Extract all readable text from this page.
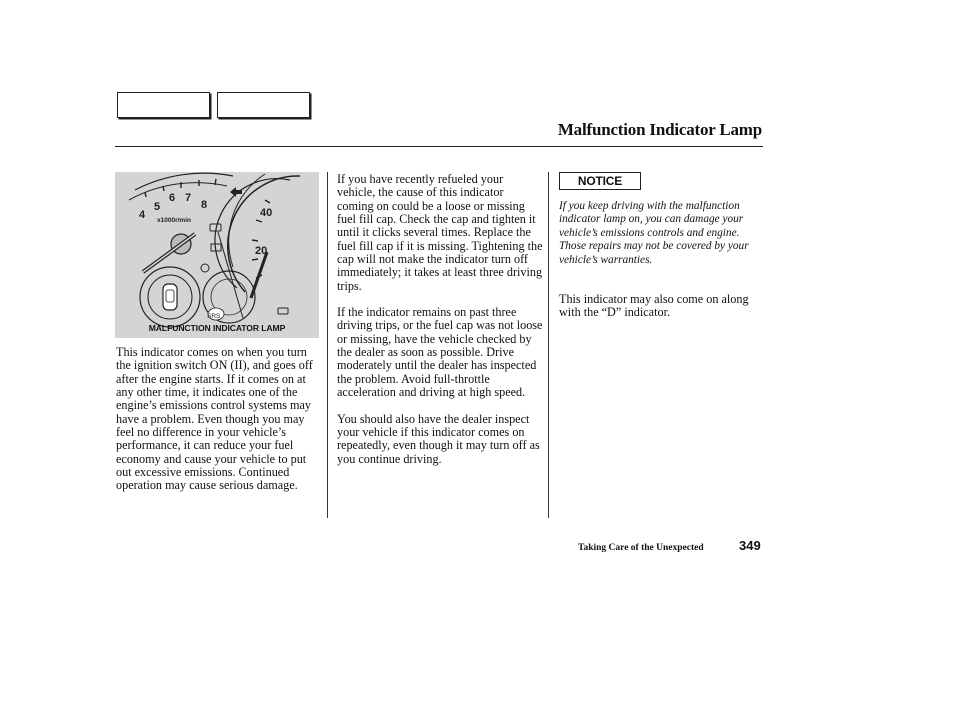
Malfunction Indicator Lamp
4
5
6 7
8
x1000r/min
40
20
SRS
MALFUNCTION INDICATOR LAMP

This indicator comes on when you turn the ignition switch ON (II), and goes off after the engine starts. If it comes on at any other time, it indicates one of the engine’s emissions control systems may have a problem. Even though you may feel no difference in your vehicle’s performance, it can reduce your fuel economy and cause your vehicle to put out excessive emissions. Continued operation may cause serious damage.

If you have recently refueled your vehicle, the cause of this indicator coming on could be a loose or missing fuel fill cap. Check the cap and tighten it until it clicks several times. Replace the fuel fill cap if it is missing. Tightening the cap will not make the indicator turn off immediately; it takes at least three driving trips.

If the indicator remains on past three driving trips, or the fuel cap was not loose or missing, have the vehicle checked by the dealer as soon as possible. Drive moderately until the dealer has inspected the problem. Avoid full-throttle acceleration and driving at high speed.

You should also have the dealer inspect your vehicle if this indicator comes on repeatedly, even though it may turn off as you continue driving.

NOTICE
If you keep driving with the malfunction indicator lamp on, you can damage your vehicle’s emissions controls and engine. Those repairs may not be covered by your vehicle’s warranties.
This indicator may also come on along with the “D” indicator.
Taking Care of the Unexpected	349
